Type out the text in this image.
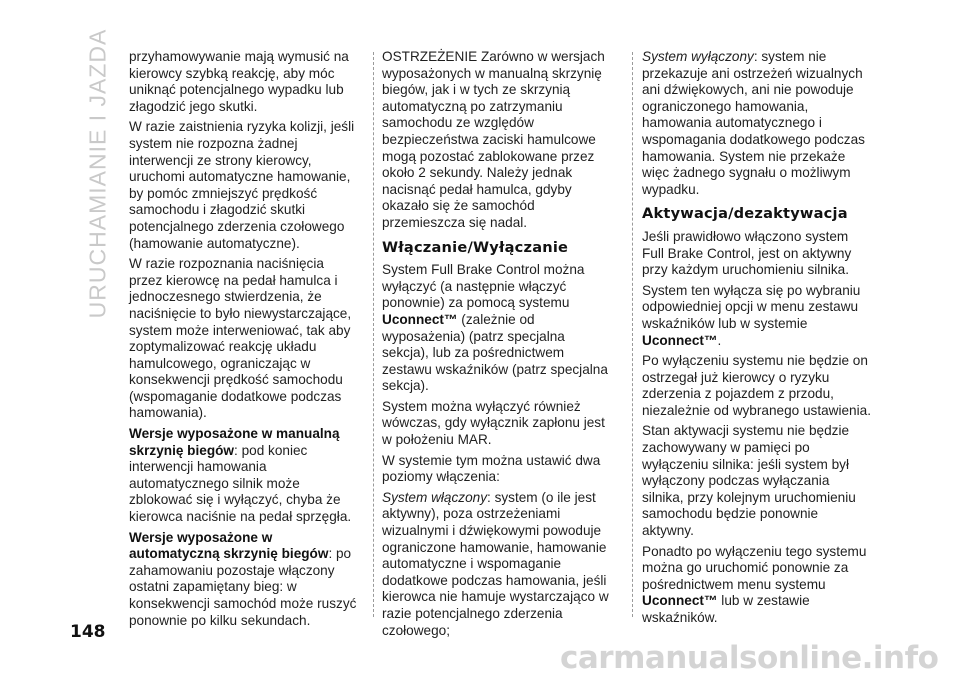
URUCHAMIANIE I JAZDA przyhamowywanie mają wymusić na kierowcy szybką reakcję, aby móc uniknąć potencjalnego wypadku lub złagodzić jego skutki.

W razie zaistnienia ryzyka kolizji, jeśli system nie rozpozna żadnej interwencji ze strony kierowcy, uruchomi automatyczne hamowanie, by pomóc zmniejszyć prędkość samochodu i złagodzić skutki potencjalnego zderzenia czołowego (hamowanie automatyczne).

W razie rozpoznania naciśnięcia przez kierowcę na pedał hamulca i jednoczesnego stwierdzenia, że naciśnięcie to było niewystarczające, system może interweniować, tak aby zoptymalizować reakcję układu hamulcowego, ograniczając w konsekwencji prędkość samochodu (wspomaganie dodatkowe podczas hamowania).

Wersje wyposażone w manualną skrzynię biegów: pod koniec interwencji hamowania automatycznego silnik może zblokować się i wyłączyć, chyba że kierowca naciśnie na pedał sprzęgła.

Wersje wyposażone w automatyczną skrzynię biegów: po zahamowaniu pozostaje włączony ostatni zapamiętany bieg: w konsekwencji samochód może ruszyć ponownie po kilku sekundach.

OSTRZEŻENIE Zarówno w wersjach wyposażonych w manualną skrzynię biegów, jak i w tych ze skrzynią automatyczną po zatrzymaniu samochodu ze względów bezpieczeństwa zaciski hamulcowe mogą pozostać zablokowane przez około 2 sekundy. Należy jednak nacisnąć pedał hamulca, gdyby okazało się że samochód przemieszcza się nadal.

Włączanie/Wyłączanie

System Full Brake Control można wyłączyć (a następnie włączyć ponownie) za pomocą systemu Uconnect™ (zależnie od wyposażenia) (patrz specjalna sekcja), lub za pośrednictwem zestawu wskaźników (patrz specjalna sekcja).

System można wyłączyć również wówczas, gdy wyłącznik zapłonu jest w położeniu MAR.

W systemie tym można ustawić dwa poziomy włączenia:

System włączony: system (o ile jest aktywny), poza ostrzeżeniami wizualnymi i dźwiękowymi powoduje ograniczone hamowanie, hamowanie automatyczne i wspomaganie dodatkowe podczas hamowania, jeśli kierowca nie hamuje wystarczająco w razie potencjalnego zderzenia czołowego;

System wyłączony: system nie przekazuje ani ostrzeżeń wizualnych ani dźwiękowych, ani nie powoduje ograniczonego hamowania, hamowania automatycznego i wspomagania dodatkowego podczas hamowania. System nie przekaże więc żadnego sygnału o możliwym wypadku.

Aktywacja/dezaktywacja

Jeśli prawidłowo włączono system Full Brake Control, jest on aktywny przy każdym uruchomieniu silnika.

System ten wyłącza się po wybraniu odpowiedniej opcji w menu zestawu wskaźników lub w systemie Uconnect™.

Po wyłączeniu systemu nie będzie on ostrzegał już kierowcy o ryzyku zderzenia z pojazdem z przodu, niezależnie od wybranego ustawienia.

Stan aktywacji systemu nie będzie zachowywany w pamięci po wyłączeniu silnika: jeśli system był wyłączony podczas wyłączania silnika, przy kolejnym uruchomieniu samochodu będzie ponownie aktywny.

Ponadto po wyłączeniu tego systemu można go uruchomić ponownie za pośrednictwem menu systemu Uconnect™ lub w zestawie wskaźników.

148
carmanualsonline.info
